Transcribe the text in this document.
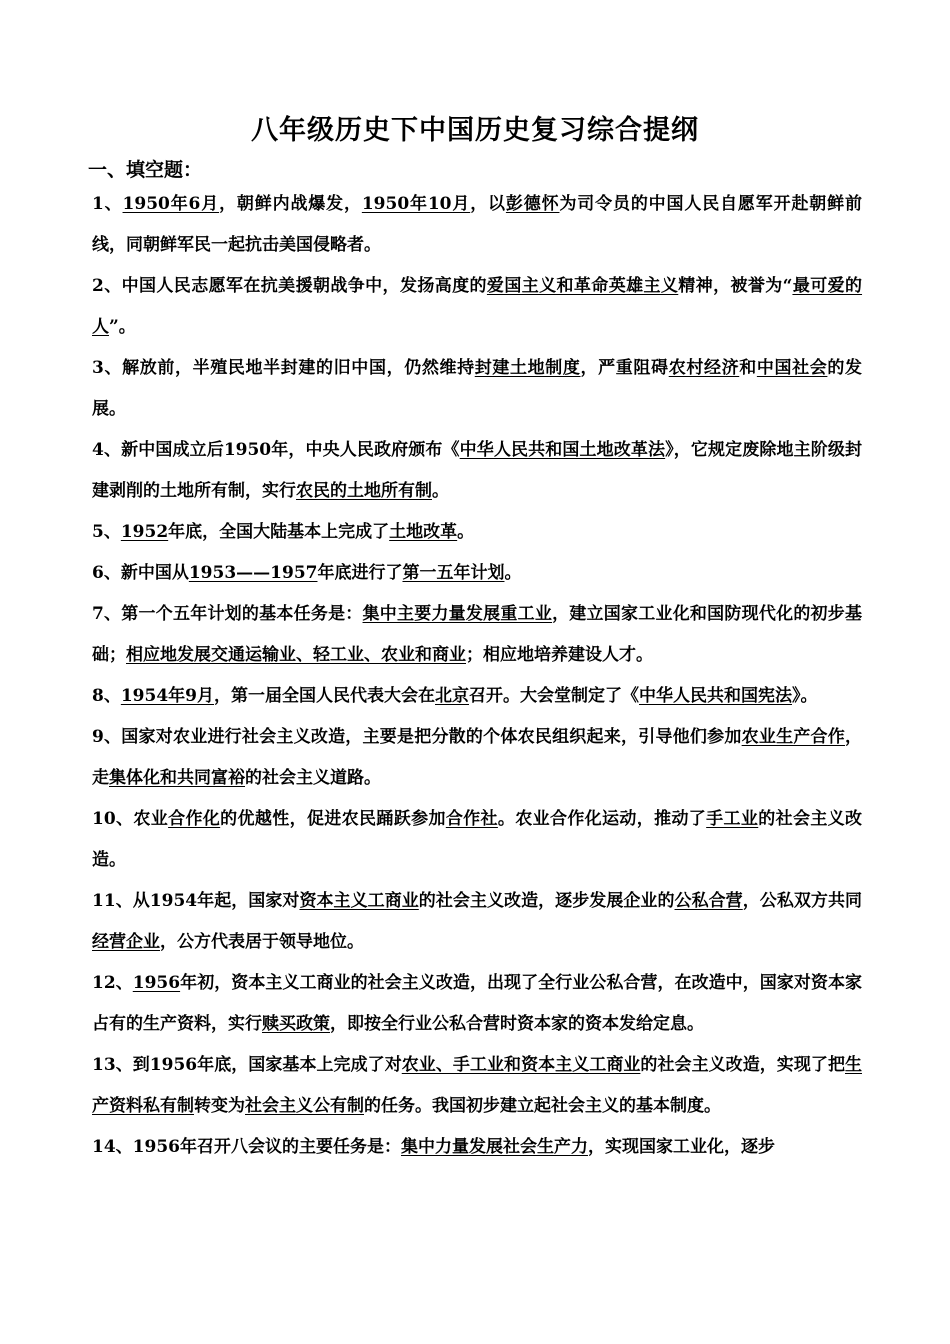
八年级历史下中国历史复习综合提纲
一、填空题：

1、1950年6月，朝鲜内战爆发，1950年10月，以彭德怀为司令员的中国人民自愿军开赴朝鲜前线，同朝鲜军民一起抗击美国侵略者。

2、中国人民志愿军在抗美援朝战争中，发扬高度的爱国主义和革命英雄主义精神，被誉为“最可爱的人”。

3、解放前，半殖民地半封建的旧中国，仍然维持封建土地制度，严重阻碍农村经济和中国社会的发展。

4、新中国成立后1950年，中央人民政府颁布《中华人民共和国土地改革法》，它规定废除地主阶级封建剥削的土地所有制，实行农民的土地所有制。

5、1952年底，全国大陆基本上完成了土地改革。

6、新中国从1953——1957年底进行了第一五年计划。

7、第一个五年计划的基本任务是：集中主要力量发展重工业，建立国家工业化和国防现代化的初步基础；相应地发展交通运输业、轻工业、农业和商业；相应地培养建设人才。

8、1954年9月，第一届全国人民代表大会在北京召开。大会堂制定了《中华人民共和国宪法》。

9、国家对农业进行社会主义改造，主要是把分散的个体农民组织起来，引导他们参加农业生产合作，走集体化和共同富裕的社会主义道路。

10、农业合作化的优越性，促进农民踊跃参加合作社。农业合作化运动，推动了手工业的社会主义改造。

11、从1954年起，国家对资本主义工商业的社会主义改造，逐步发展企业的公私合营，公私双方共同经营企业，公方代表居于领导地位。

12、1956年初，资本主义工商业的社会主义改造，出现了全行业公私合营，在改造中，国家对资本家占有的生产资料，实行赎买政策，即按全行业公私合营时资本家的资本发给定息。

13、到1956年底，国家基本上完成了对农业、手工业和资本主义工商业的社会主义改造，实现了把生产资料私有制转变为社会主义公有制的任务。我国初步建立起社会主义的基本制度。

14、1956年召开八会议的主要任务是：集中力量发展社会生产力，实现国家工业化，逐步
